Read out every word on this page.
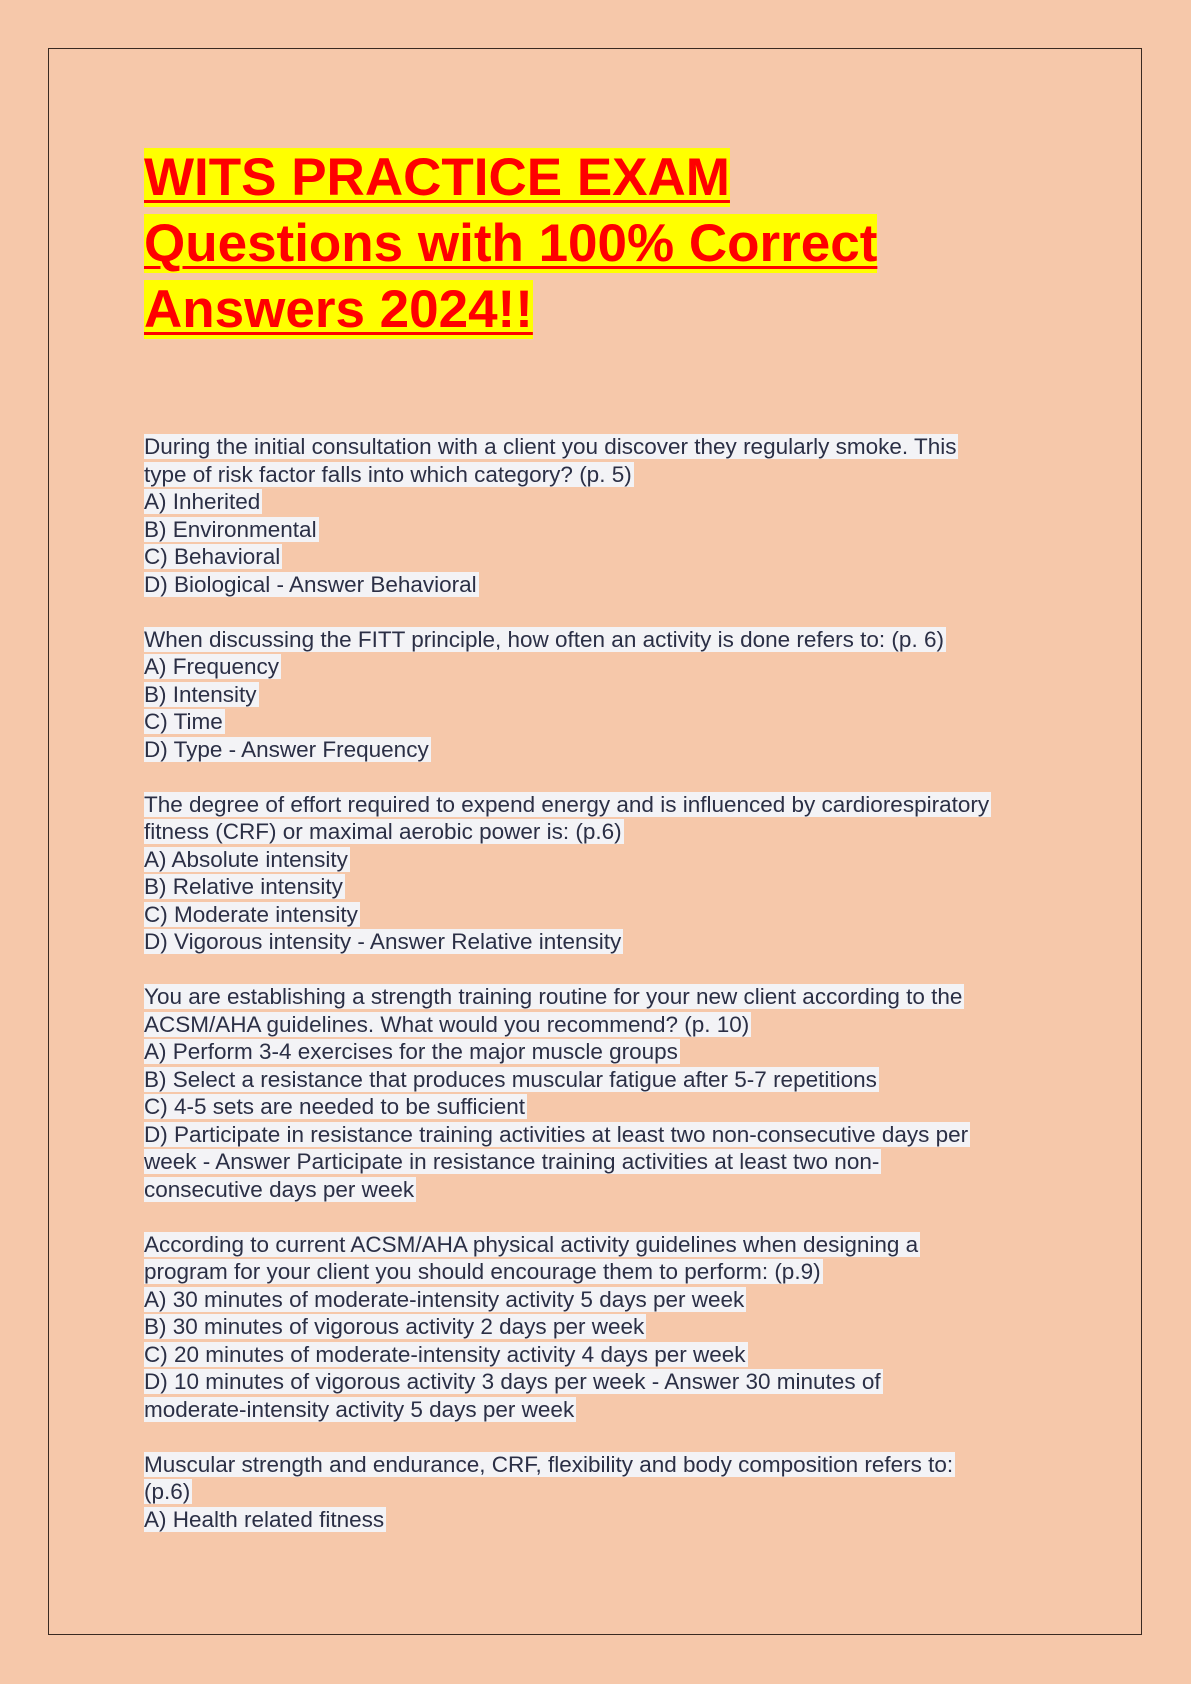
WITS PRACTICE EXAM
Questions with 100% Correct
Answers 2024!!
During the initial consultation with a client you discover they regularly smoke. This
type of risk factor falls into which category? (p. 5)
A) Inherited
B) Environmental
C) Behavioral
D) Biological - Answer Behavioral
When discussing the FITT principle, how often an activity is done refers to: (p. 6)
A) Frequency
B) Intensity
C) Time
D) Type - Answer Frequency
The degree of effort required to expend energy and is influenced by cardiorespiratory
fitness (CRF) or maximal aerobic power is: (p.6)
A) Absolute intensity
B) Relative intensity
C) Moderate intensity
D) Vigorous intensity - Answer Relative intensity
You are establishing a strength training routine for your new client according to the
ACSM/AHA guidelines. What would you recommend? (p. 10)
A) Perform 3-4 exercises for the major muscle groups
B) Select a resistance that produces muscular fatigue after 5-7 repetitions
C) 4-5 sets are needed to be sufficient
D) Participate in resistance training activities at least two non-consecutive days per
week - Answer Participate in resistance training activities at least two non-
consecutive days per week
According to current ACSM/AHA physical activity guidelines when designing a
program for your client you should encourage them to perform: (p.9)
A) 30 minutes of moderate-intensity activity 5 days per week
B) 30 minutes of vigorous activity 2 days per week
C) 20 minutes of moderate-intensity activity 4 days per week
D) 10 minutes of vigorous activity 3 days per week - Answer 30 minutes of
moderate-intensity activity 5 days per week
Muscular strength and endurance, CRF, flexibility and body composition refers to:
(p.6)
A) Health related fitness
